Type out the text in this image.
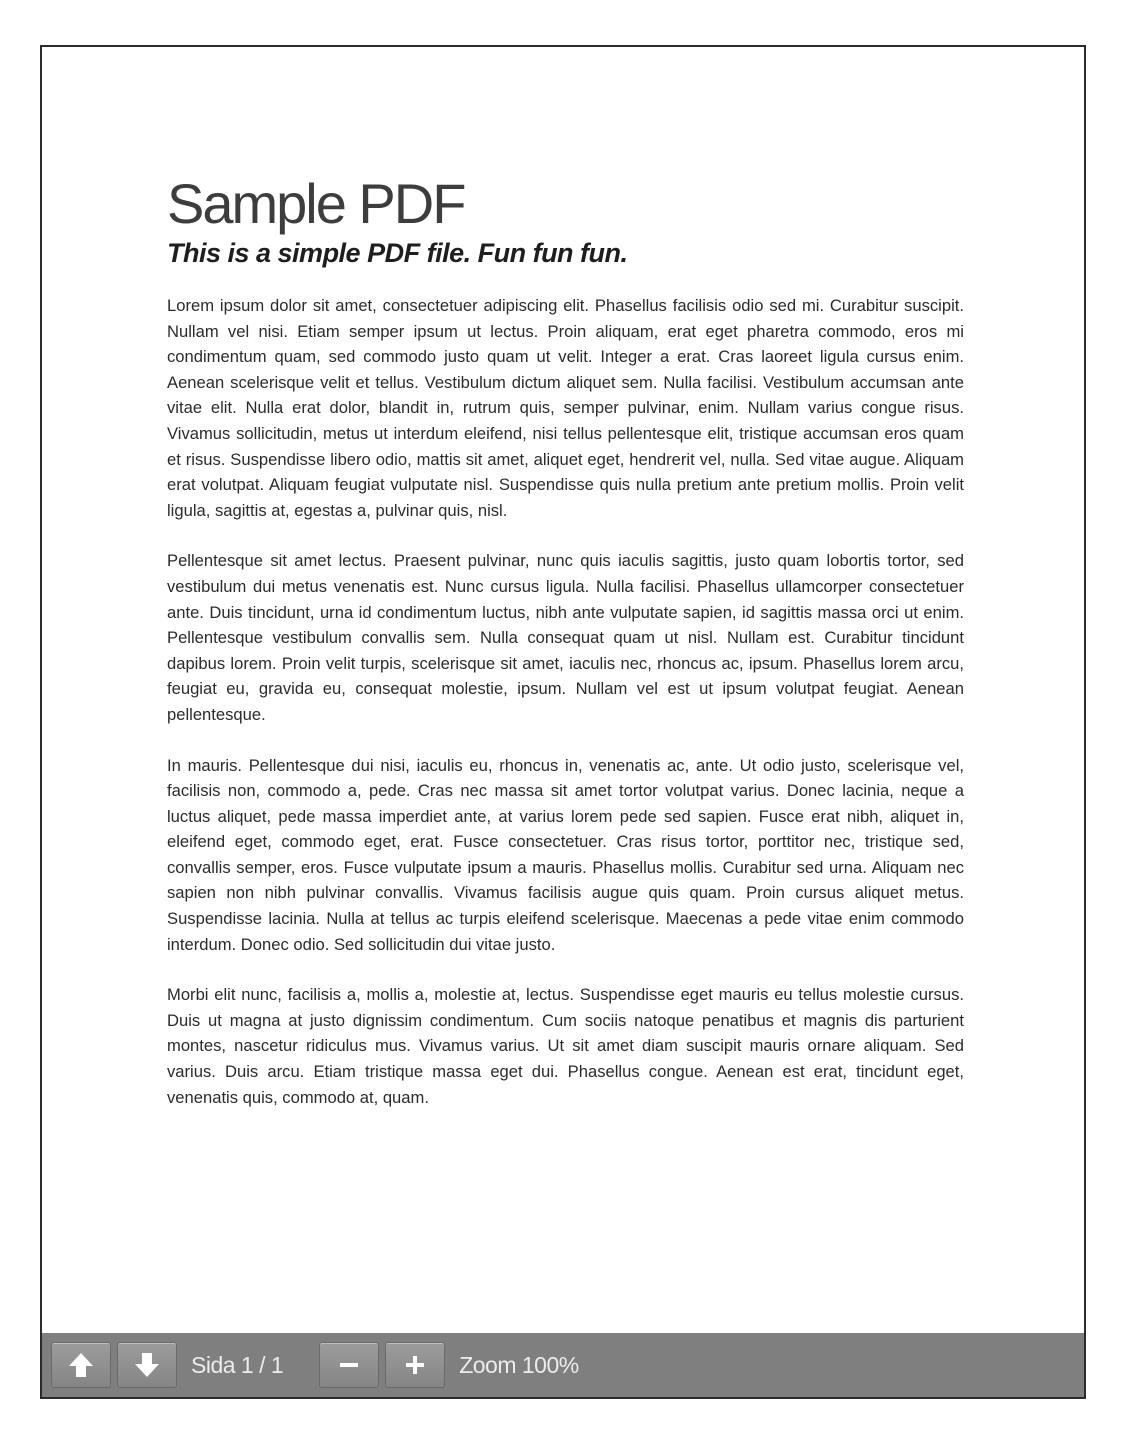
Sample PDF
This is a simple PDF file. Fun fun fun.

Lorem ipsum dolor sit amet, consectetuer adipiscing elit. Phasellus facilisis odio sed mi. Curabitur suscipit. Nullam vel nisi. Etiam semper ipsum ut lectus. Proin aliquam, erat eget pharetra commodo, eros mi condimentum quam, sed commodo justo quam ut velit. Integer a erat. Cras laoreet ligula cursus enim. Aenean scelerisque velit et tellus. Vestibulum dictum aliquet sem. Nulla facilisi. Vestibulum accumsan ante vitae elit. Nulla erat dolor, blandit in, rutrum quis, semper pulvinar, enim. Nullam varius congue risus. Vivamus sollicitudin, metus ut interdum eleifend, nisi tellus pellentesque elit, tristique accumsan eros quam et risus. Suspendisse libero odio, mattis sit amet, aliquet eget, hendrerit vel, nulla. Sed vitae augue. Aliquam erat volutpat. Aliquam feugiat vulputate nisl. Suspendisse quis nulla pretium ante pretium mollis. Proin velit ligula, sagittis at, egestas a, pulvinar quis, nisl.

Pellentesque sit amet lectus. Praesent pulvinar, nunc quis iaculis sagittis, justo quam lobortis tortor, sed vestibulum dui metus venenatis est. Nunc cursus ligula. Nulla facilisi. Phasellus ullamcorper consectetuer ante. Duis tincidunt, urna id condimentum luctus, nibh ante vulputate sapien, id sagittis massa orci ut enim. Pellentesque vestibulum convallis sem. Nulla consequat quam ut nisl. Nullam est. Curabitur tincidunt dapibus lorem. Proin velit turpis, scelerisque sit amet, iaculis nec, rhoncus ac, ipsum. Phasellus lorem arcu, feugiat eu, gravida eu, consequat molestie, ipsum. Nullam vel est ut ipsum volutpat feugiat. Aenean pellentesque.

In mauris. Pellentesque dui nisi, iaculis eu, rhoncus in, venenatis ac, ante. Ut odio justo, scelerisque vel, facilisis non, commodo a, pede. Cras nec massa sit amet tortor volutpat varius. Donec lacinia, neque a luctus aliquet, pede massa imperdiet ante, at varius lorem pede sed sapien. Fusce erat nibh, aliquet in, eleifend eget, commodo eget, erat. Fusce consectetuer. Cras risus tortor, porttitor nec, tristique sed, convallis semper, eros. Fusce vulputate ipsum a mauris. Phasellus mollis. Curabitur sed urna. Aliquam nec sapien non nibh pulvinar convallis. Vivamus facilisis augue quis quam. Proin cursus aliquet metus. Suspendisse lacinia. Nulla at tellus ac turpis eleifend scelerisque. Maecenas a pede vitae enim commodo interdum. Donec odio. Sed sollicitudin dui vitae justo.

Morbi elit nunc, facilisis a, mollis a, molestie at, lectus. Suspendisse eget mauris eu tellus molestie cursus. Duis ut magna at justo dignissim condimentum. Cum sociis natoque penatibus et magnis dis parturient montes, nascetur ridiculus mus. Vivamus varius. Ut sit amet diam suscipit mauris ornare aliquam. Sed varius. Duis arcu. Etiam tristique massa eget dui. Phasellus congue. Aenean est erat, tincidunt eget, venenatis quis, commodo at, quam.

Sida 1 / 1	Zoom 100%
